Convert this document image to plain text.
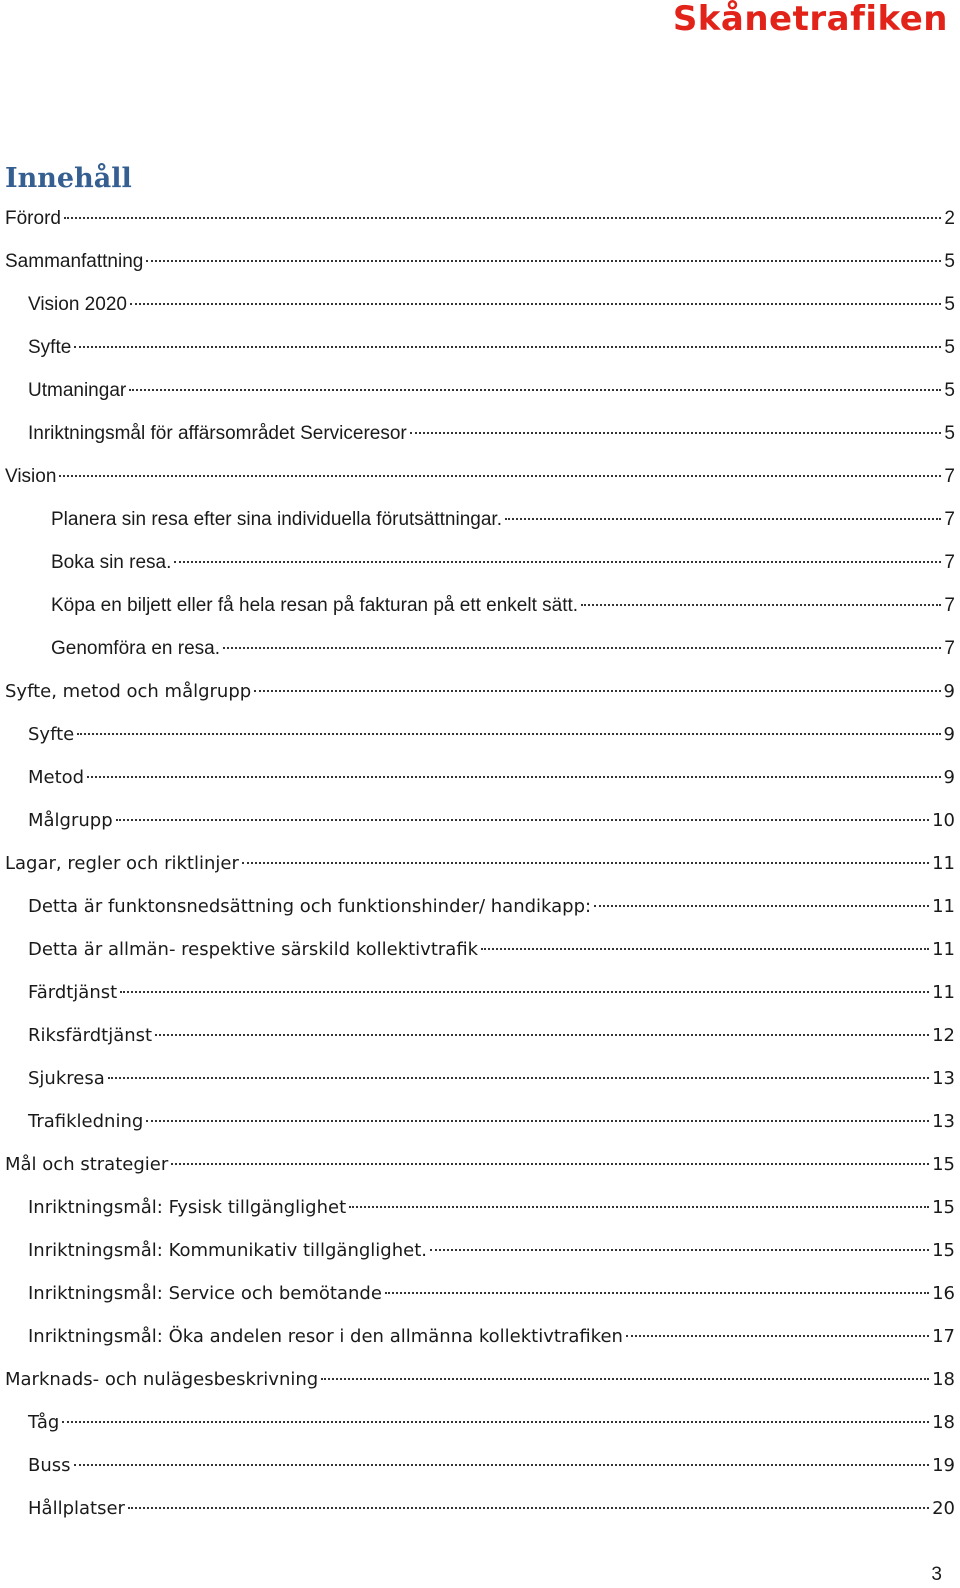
Skånetrafiken
Innehåll
Förord	2
Sammanfattning	5
Vision 2020	5
Syfte	5
Utmaningar	5
Inriktningsmål för affärsområdet Serviceresor	5
Vision	7
Planera sin resa efter sina individuella förutsättningar.	7
Boka sin resa.	7
Köpa en biljett eller få hela resan på fakturan på ett enkelt sätt.	7
Genomföra en resa.	7
Syfte, metod och målgrupp	9
Syfte	9
Metod	9
Målgrupp	10
Lagar, regler och riktlinjer	11
Detta är funktonsnedsättning och funktionshinder/ handikapp:	11
Detta är allmän- respektive särskild kollektivtrafik	11
Färdtjänst	11
Riksfärdtjänst	12
Sjukresa	13
Trafikledning	13
Mål och strategier	15
Inriktningsmål: Fysisk tillgänglighet	15
Inriktningsmål: Kommunikativ tillgänglighet.	15
Inriktningsmål: Service och bemötande	16
Inriktningsmål: Öka andelen resor i den allmänna kollektivtrafiken	17
Marknads- och nulägesbeskrivning	18
Tåg	18
Buss	19
Hållplatser	20
3
